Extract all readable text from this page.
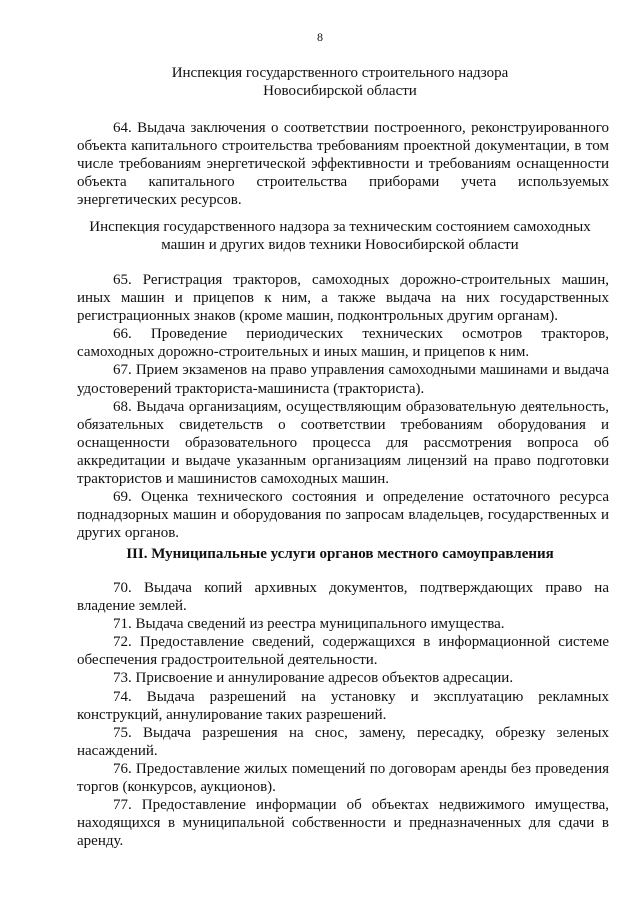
8
Инспекция государственного строительного надзора
Новосибирской области

64. Выдача заключения о соответствии построенного, реконструированного объекта капитального строительства требованиям проектной документации, в том числе требованиям энергетической эффективности и требованиям оснащенности объекта капитального строительства приборами учета используемых энергетических ресурсов.

Инспекция государственного надзора за техническим состоянием самоходных
машин и других видов техники Новосибирской области

65. Регистрация тракторов, самоходных дорожно-строительных машин, иных машин и прицепов к ним, а также выдача на них государственных регистрационных знаков (кроме машин, подконтрольных другим органам).

66. Проведение периодических технических осмотров тракторов, самоходных дорожно-строительных и иных машин, и прицепов к ним.

67. Прием экзаменов на право управления самоходными машинами и выдача удостоверений тракториста-машиниста (тракториста).

68. Выдача организациям, осуществляющим образовательную деятельность, обязательных свидетельств о соответствии требованиям оборудования и оснащенности образовательного процесса для рассмотрения вопроса об аккредитации и выдаче указанным организациям лицензий на право подготовки трактористов и машинистов самоходных машин.

69. Оценка технического состояния и определение остаточного ресурса поднадзорных машин и оборудования по запросам владельцев, государственных и других органов.

III. Муниципальные услуги органов местного самоуправления

70. Выдача копий архивных документов, подтверждающих право на владение землей.

71. Выдача сведений из реестра муниципального имущества.

72. Предоставление сведений, содержащихся в информационной системе обеспечения градостроительной деятельности.

73. Присвоение и аннулирование адресов объектов адресации.

74. Выдача разрешений на установку и эксплуатацию рекламных конструкций, аннулирование таких разрешений.

75. Выдача разрешения на снос, замену, пересадку, обрезку зеленых насаждений.

76. Предоставление жилых помещений по договорам аренды без проведения торгов (конкурсов, аукционов).

77. Предоставление информации об объектах недвижимого имущества, находящихся в муниципальной собственности и предназначенных для сдачи в аренду.
